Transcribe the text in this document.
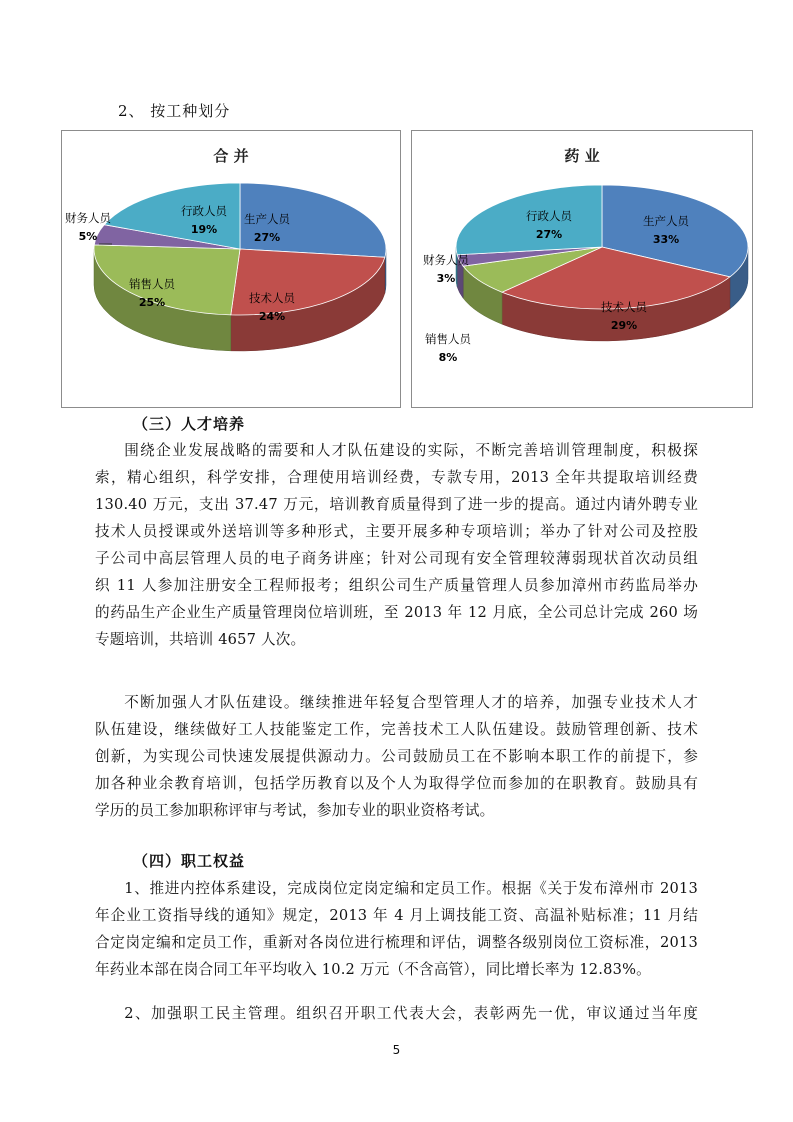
2、 按工种划分
合 并
生产人员
27%
技术人员
24%
销售人员
25%
财务人员
5%
行政人员
19%
药 业
生产人员
33%
技术人员
29%
销售人员
8%
财务人员
3%
行政人员
27%
（三）人才培养
围绕企业发展战略的需要和人才队伍建设的实际，不断完善培训管理制度，积极探
索，精心组织，科学安排，合理使用培训经费，专款专用，2013 全年共提取培训经费
130.40 万元，支出 37.47 万元，培训教育质量得到了进一步的提高。通过内请外聘专业
技术人员授课或外送培训等多种形式，主要开展多种专项培训；举办了针对公司及控股
子公司中高层管理人员的电子商务讲座；针对公司现有安全管理较薄弱现状首次动员组
织 11 人参加注册安全工程师报考；组织公司生产质量管理人员参加漳州市药监局举办
的药品生产企业生产质量管理岗位培训班，至 2013 年 12 月底，全公司总计完成 260 场
专题培训，共培训 4657 人次。
不断加强人才队伍建设。继续推进年轻复合型管理人才的培养，加强专业技术人才
队伍建设，继续做好工人技能鉴定工作，完善技术工人队伍建设。鼓励管理创新、技术
创新，为实现公司快速发展提供源动力。公司鼓励员工在不影响本职工作的前提下，参
加各种业余教育培训，包括学历教育以及个人为取得学位而参加的在职教育。鼓励具有
学历的员工参加职称评审与考试，参加专业的职业资格考试。
（四）职工权益
1、推进内控体系建设，完成岗位定岗定编和定员工作。根据《关于发布漳州市 2013
年企业工资指导线的通知》规定，2013 年 4 月上调技能工资、高温补贴标准；11 月结
合定岗定编和定员工作，重新对各岗位进行梳理和评估，调整各级别岗位工资标准，2013
年药业本部在岗合同工年平均收入 10.2 万元（不含高管），同比增长率为 12.83%。
2、加强职工民主管理。组织召开职工代表大会，表彰两先一优，审议通过当年度
5
